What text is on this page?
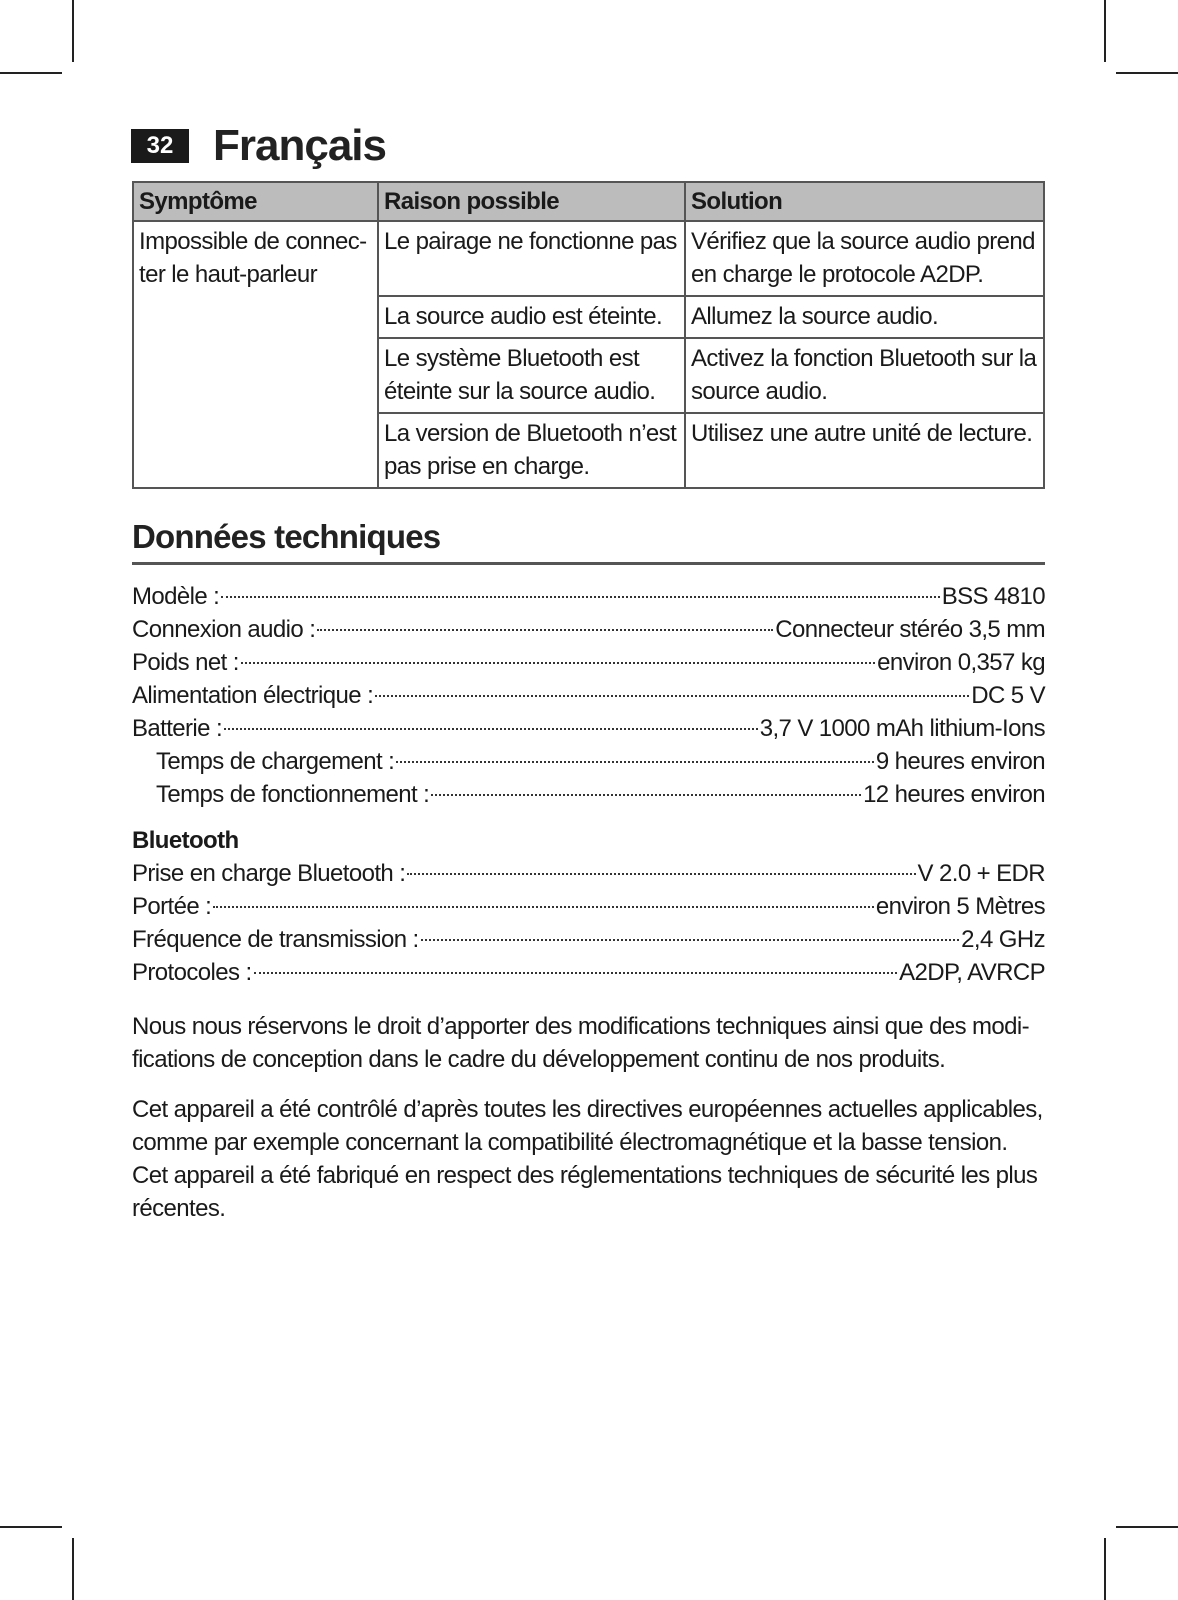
32 Français
Symptôme	Raison possible	Solution
Impossible de connec-ter le haut-parleur	Le pairage ne fonctionne pas	Vérifiez que la source audio prend en charge le protocole A2DP.
	La source audio est éteinte.	Allumez la source audio.
	Le système Bluetooth est éteinte sur la source audio.	Activez la fonction Bluetooth sur la source audio.
	La version de Bluetooth n’est pas prise en charge.	Utilisez une autre unité de lecture.
Données techniques
Modèle :	BSS 4810
Connexion audio :	Connecteur stéréo 3,5 mm
Poids net :	environ 0,357 kg
Alimentation électrique :	DC 5 V
Batterie :	3,7 V 1000 mAh lithium-Ions
Temps de chargement :	9 heures environ
Temps de fonctionnement :	12 heures environ
Bluetooth
Prise en charge Bluetooth :	V 2.0 + EDR
Portée :	environ 5 Mètres
Fréquence de transmission :	2,4 GHz
Protocoles :	A2DP, AVRCP

Nous nous réservons le droit d’apporter des modifications techniques ainsi que des modi-fications de conception dans le cadre du développement continu de nos produits.

Cet appareil a été contrôlé d’après toutes les directives européennes actuelles applicables, comme par exemple concernant la compatibilité électromagnétique et la basse tension. Cet appareil a été fabriqué en respect des réglementations techniques de sécurité les plus récentes.
